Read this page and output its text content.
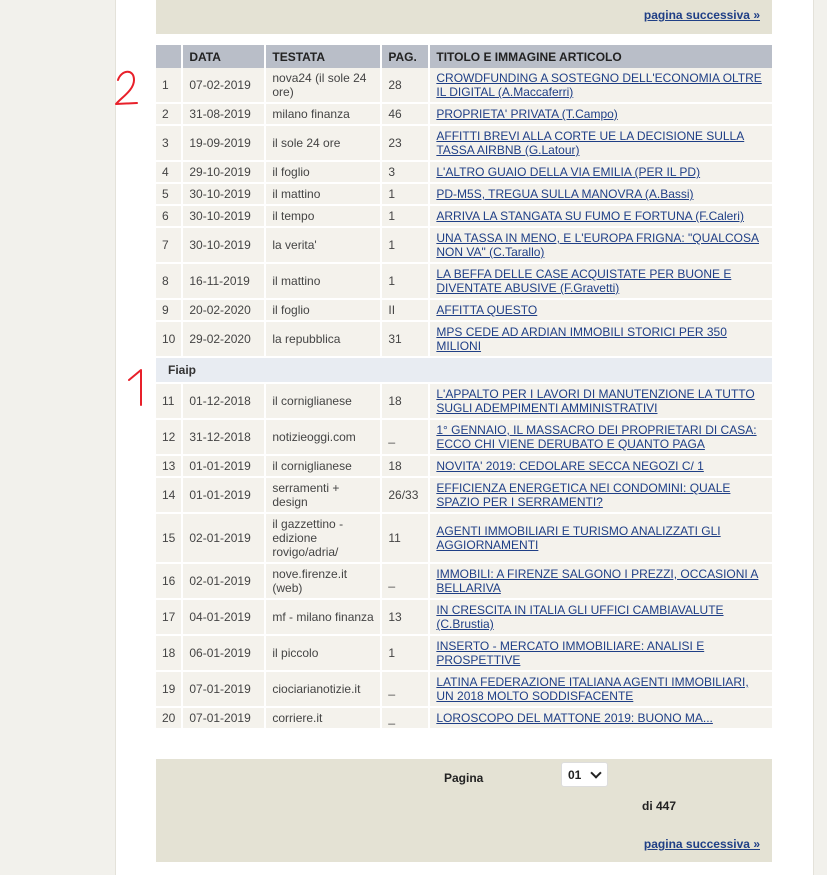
pagina successiva »
	DATA	TESTATA	PAG.	TITOLO E IMMAGINE ARTICOLO
1	07-02-2019	nova24 (il sole 24 ore)	28	CROWDFUNDING A SOSTEGNO DELL'ECONOMIA OLTRE IL DIGITAL (A.Maccaferri)
2	31-08-2019	milano finanza	46	PROPRIETA' PRIVATA (T.Campo)
3	19-09-2019	il sole 24 ore	23	AFFITTI BREVI ALLA CORTE UE LA DECISIONE SULLA TASSA AIRBNB (G.Latour)
4	29-10-2019	il foglio	3	L'ALTRO GUAIO DELLA VIA EMILIA (PER IL PD)
5	30-10-2019	il mattino	1	PD-M5S, TREGUA SULLA MANOVRA (A.Bassi)
6	30-10-2019	il tempo	1	ARRIVA LA STANGATA SU FUMO E FORTUNA (F.Caleri)
7	30-10-2019	la verita'	1	UNA TASSA IN MENO, E L'EUROPA FRIGNA: "QUALCOSA NON VA" (C.Tarallo)
8	16-11-2019	il mattino	1	LA BEFFA DELLE CASE ACQUISTATE PER BUONE E DIVENTATE ABUSIVE (F.Gravetti)
9	20-02-2020	il foglio	II	AFFITTA QUESTO
10	29-02-2020	la repubblica	31	MPS CEDE AD ARDIAN IMMOBILI STORICI PER 350 MILIONI
Fiaip				
11	01-12-2018	il corniglianese	18	L'APPALTO PER I LAVORI DI MANUTENZIONE LA TUTTO SUGLI ADEMPIMENTI AMMINISTRATIVI
12	31-12-2018	notizieoggi.com	_	1° GENNAIO, IL MASSACRO DEI PROPRIETARI DI CASA: ECCO CHI VIENE DERUBATO E QUANTO PAGA
13	01-01-2019	il corniglianese	18	NOVITA' 2019: CEDOLARE SECCA NEGOZI C/ 1
14	01-01-2019	serramenti + design	26/33	EFFICIENZA ENERGETICA NEI CONDOMINI: QUALE SPAZIO PER I SERRAMENTI?
15	02-01-2019	il gazzettino - edizione rovigo/adria/	11	AGENTI IMMOBILIARI E TURISMO ANALIZZATI GLI AGGIORNAMENTI
16	02-01-2019	nove.firenze.it (web)	_	IMMOBILI: A FIRENZE SALGONO I PREZZI, OCCASIONI A BELLARIVA
17	04-01-2019	mf - milano finanza	13	IN CRESCITA IN ITALIA GLI UFFICI CAMBIAVALUTE (C.Brustia)
18	06-01-2019	il piccolo	1	INSERTO - MERCATO IMMOBILIARE: ANALISI E PROSPETTIVE
19	07-01-2019	ciociarianotizie.it	_	LATINA FEDERAZIONE ITALIANA AGENTI IMMOBILIARI, UN 2018 MOLTO SODDISFACENTE
20	07-01-2019	corriere.it	_	LOROSCOPO DEL MATTONE 2019: BUONO MA...
Pagina	01
di 447
pagina successiva »
